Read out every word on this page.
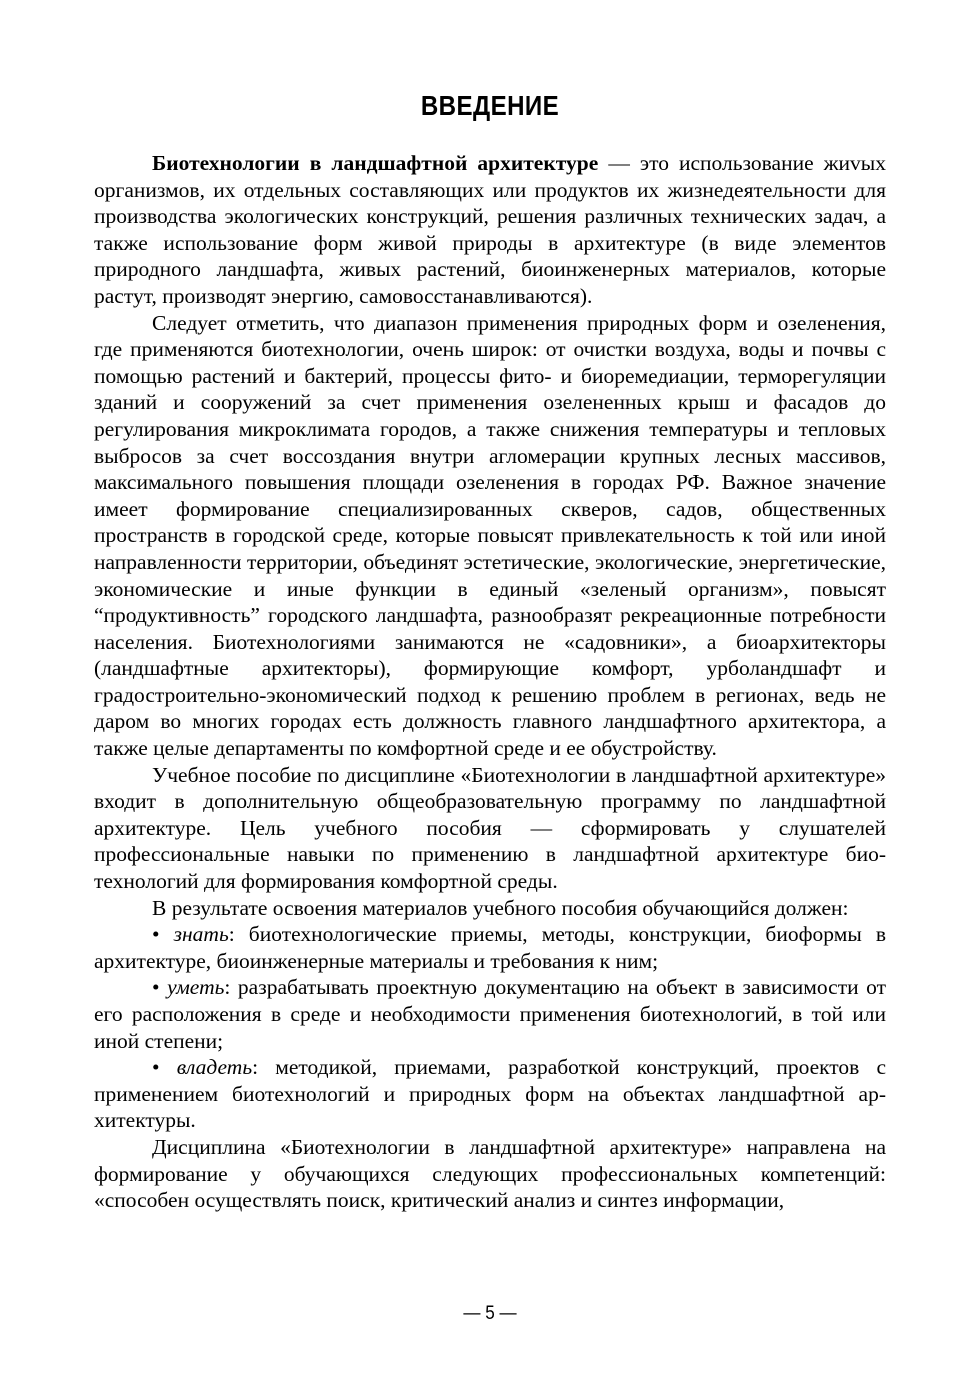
ВВЕДЕНИЕ

Биотехнологии в ландшафтной архитектуре — это использование жиvых организмов, их отдельных составляющих или продуктов их жизнедеятельности для производства экологических конструкций, решения различных технических задач, а также использование форм живой природы в архитектуре (в виде элементов природного ландшафта, живых растений, биоинженерных материалов, которые растут, производят энергию, самовосстанавливаются).

Следует отметить, что диапазон применения природных форм и озеленения, где применяются биотехнологии, очень широк: от очистки воздуха, воды и почвы с помощью растений и бактерий, процессы фито- и биоремедиации, терморегуляции зданий и сооружений за счет применения озелененных крыш и фасадов до регулирования микроклимата городов, а также снижения температуры и тепловых выбросов за счет воссоздания внутри агломерации крупных лесных массивов, максимального повышения площади озеленения в городах РФ. Важное значение имеет формирование специализированных скверов, садов, общественных пространств в городской среде, которые повысят привлекательность к той или иной направленности территории, объединят эстетические, экологические, энергетические, экономические и иные функции в единый «зеленый организм», повысят “продуктивность” городского ландшафта, разнообразят рекреационные потребности населения. Биотехнологиями занимаются не «садовники», а биоархитекторы (ландшафтные архитекторы), формирующие комфорт, урболандшафт и градостроительно-экономический подход к решению проблем в регионах, ведь не даром во многих городах есть должность главного ландшафтного архитектора, а также целые департаменты по комфортной среде и ее обустройству.

Учебное пособие по дисциплине «Биотехнологии в ландшафтной архитектуре» входит в дополнительную общеобразовательную программу по ландшафтной архитектуре. Цель учебного пособия — сформировать у слушателей профессиональные навыки по применению в ландшафтной архитектуре биотехнологий для формирования комфортной среды.

В результате освоения материалов учебного пособия обучающийся должен:

• знать: биотехнологические приемы, методы, конструкции, биоформы в архитектуре, биоинженерные материалы и требования к ним;

• уметь: разрабатывать проектную документацию на объект в зависимости от его расположения в среде и необходимости применения биотехнологий, в той или иной степени;

• владеть: методикой, приемами, разработкой конструкций, проектов с применением биотехнологий и природных форм на объектах ландшафтной архитектуры.

Дисциплина «Биотехнологии в ландшафтной архитектуре» направлена на формирование у обучающихся следующих профессиональных компетенций: «способен осуществлять поиск, критический анализ и синтез информации,

— 5 —
